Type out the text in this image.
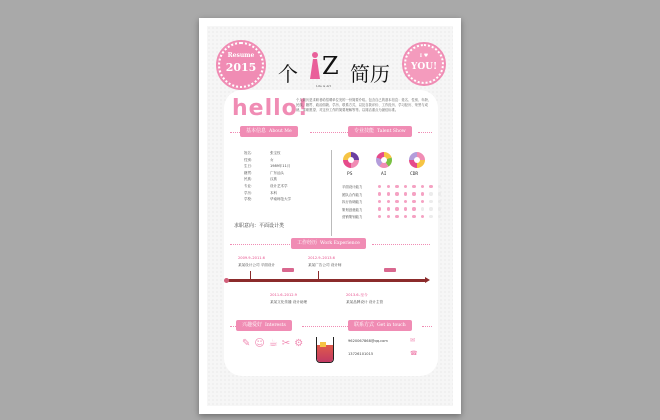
Resume
2015
I ♥
YOU!
个 Z 简历
Life is Art
hello!
个人简历是求职者给招聘单位发的一份简要介绍。包含自己的基本信息：姓名、性别、年龄、民族、籍贯、政治面貌、学历、联系方式，以及自我评价、工作经历、学习经历、荣誉与成就、求职愿望、对这份工作的简要理解等等。以简洁重点为最佳标准。
基本信息 About Me	专业技能 Talent Show
姓名：	张宝钗
性别：	女
生日：	1989年11月
籍贯：	广东汕头
民族：	汉族
专业：	设计艺术学
学历：	本科
学校：	华南师范大学
求职意向：平面设计类
PS	AI	CDR
平面设计能力
团队合作能力
执行协调能力
策划创意能力
营销策划能力
工作经历 Work Experience
2009.9–2011.6
某某设计公司 平面设计
2012.9–2013.6
某某广告公司 设计师
2011.6–2012.9
某某文化传播 设计助理
2013.6–至今
某某品牌设计 设计主管
兴趣爱好 Interests	联系方式 Get in touch
✎ ☺ ☕ ✂ ⚙	9620067868@qq.com	✉
13726101015	☎
